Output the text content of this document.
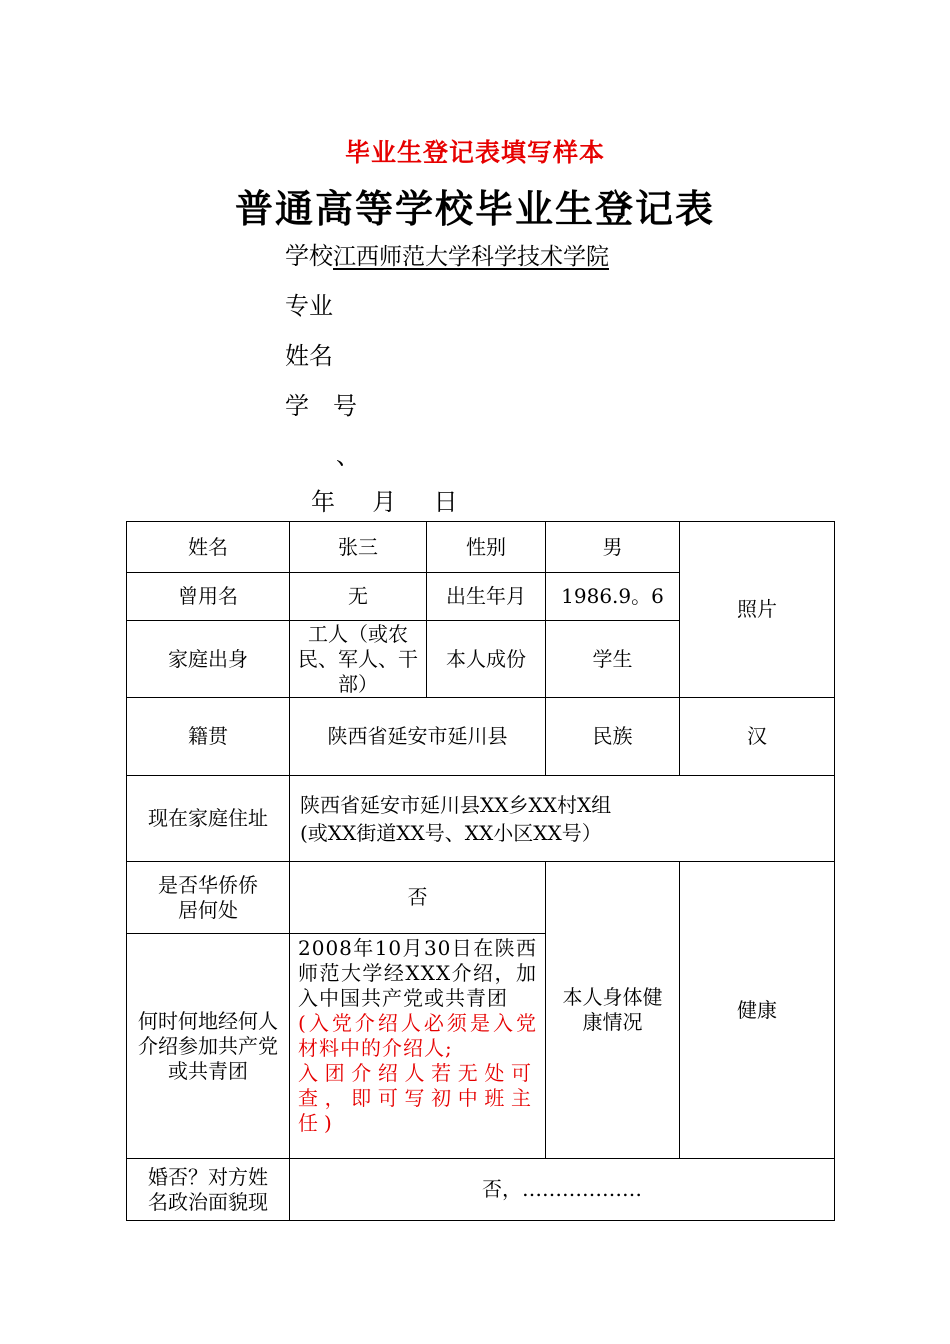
毕业生登记表填写样本
普通高等学校毕业生登记表
学校江西师范大学科学技术学院
专业
姓名
学　号
、
年 月 日
姓名	张三	性别	男	照片
曾用名	无	出生年月	1986.9。6	
家庭出身	工人（或农民、军人、干部）	本人成份	学生	
籍贯	陕西省延安市延川县		民族	汉
现在家庭住址	陕西省延安市延川县XX乡XX村X组
(或XX街道XX号、XX小区XX号）			

是否华侨侨居何处	否		本人身体健康情况	健康
何时何地经何人介绍参加共产党或共青团	2008年10月30日在陕西师范大学经XXX介绍，加入中国共产党或共青团
(入党介绍人必须是入党材料中的介绍人;
入团介绍人若无处可查，即可写初中班主任)			

婚否？对方姓名政治面貌现	否，………………			
